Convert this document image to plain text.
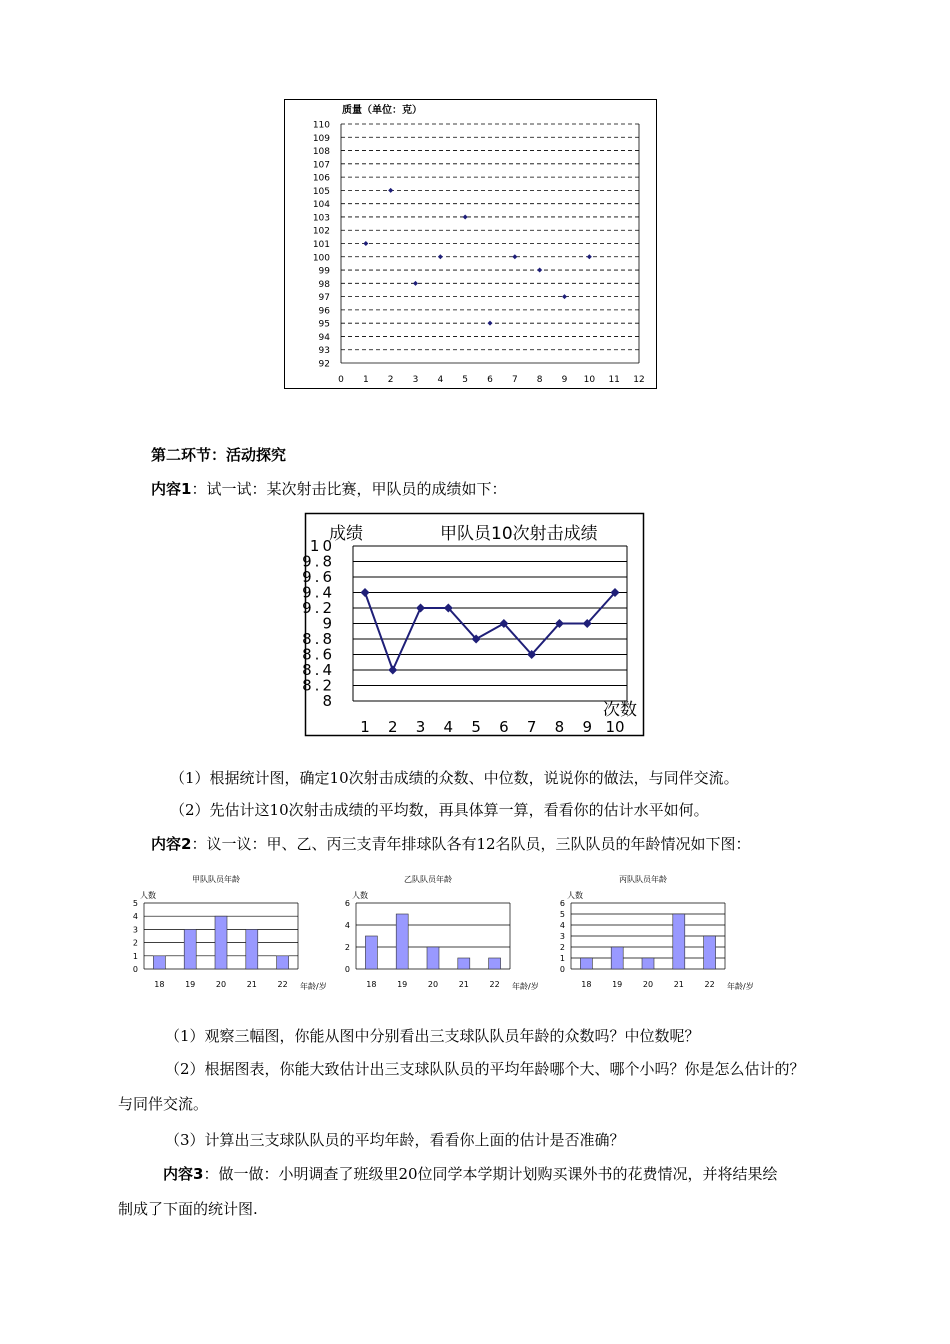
质量（单位：克）
92
93
94
95
96
97
98
99
100
101
102
103
104
105
106
107
108
109
110
0 1 2 3 4 5 6 7 8 9 10 11 12
第二环节：活动探究
内容1：试一试：某次射击比赛，甲队员的成绩如下：
成绩	甲队员10次射击成绩
8
8.2
8.4
8.6
8.8
9
9.2
9.4
9.6
9.8
10
1 2 3 4 5 6 7 8 9 10
次数
（1）根据统计图，确定10次射击成绩的众数、中位数，说说你的做法，与同伴交流。
（2）先估计这10次射击成绩的平均数，再具体算一算，看看你的估计水平如何。
内容2：议一议：甲、乙、丙三支青年排球队各有12名队员，三队队员的年龄情况如下图：
甲队队员年龄
人数
0
1
2
3
4
5
18	19	20	21	22 年龄/岁
乙队队员年龄
人数
0
2
4
6
18	19	20	21	22 年龄/岁
丙队队员年龄
人数
0
1
2
3
4
5
6
18	19	20	21	22 年龄/岁
（1）观察三幅图，你能从图中分别看出三支球队队员年龄的众数吗？中位数呢？
（2）根据图表，你能大致估计出三支球队队员的平均年龄哪个大、哪个小吗？你是怎么估计的？
与同伴交流。
（3）计算出三支球队队员的平均年龄，看看你上面的估计是否准确？
内容3：做一做：小明调查了班级里20位同学本学期计划购买课外书的花费情况，并将结果绘
制成了下面的统计图.
